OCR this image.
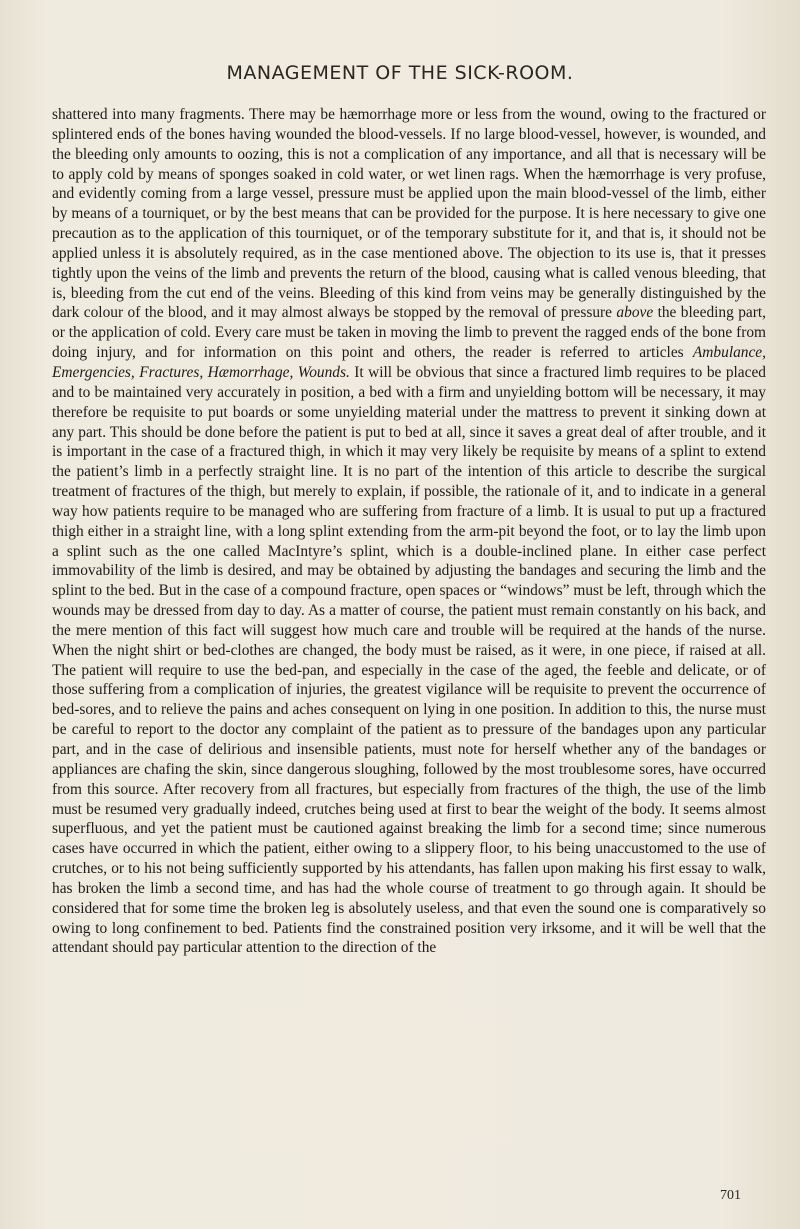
MANAGEMENT OF THE SICK-ROOM.

shattered into many fragments. There may be hæmorrhage more or less from the wound, owing to the fractured or splintered ends of the bones having wounded the blood-vessels. If no large blood-vessel, however, is wounded, and the bleeding only amounts to oozing, this is not a complication of any importance, and all that is necessary will be to apply cold by means of sponges soaked in cold water, or wet linen rags. When the hæmorrhage is very profuse, and evidently coming from a large vessel, pressure must be applied upon the main blood-vessel of the limb, either by means of a tourniquet, or by the best means that can be provided for the purpose. It is here necessary to give one precaution as to the application of this tourniquet, or of the temporary substitute for it, and that is, it should not be applied unless it is absolutely required, as in the case mentioned above. The objection to its use is, that it presses tightly upon the veins of the limb and prevents the return of the blood, causing what is called venous bleeding, that is, bleeding from the cut end of the veins. Bleeding of this kind from veins may be generally distinguished by the dark colour of the blood, and it may almost always be stopped by the removal of pressure above the bleeding part, or the application of cold. Every care must be taken in moving the limb to prevent the ragged ends of the bone from doing injury, and for information on this point and others, the reader is referred to articles Ambulance, Emergencies, Fractures, Hæmorrhage, Wounds. It will be obvious that since a fractured limb requires to be placed and to be maintained very accurately in position, a bed with a firm and unyielding bottom will be necessary, it may therefore be requisite to put boards or some unyielding material under the mattress to prevent it sinking down at any part. This should be done before the patient is put to bed at all, since it saves a great deal of after trouble, and it is important in the case of a fractured thigh, in which it may very likely be requisite by means of a splint to extend the patient’s limb in a perfectly straight line. It is no part of the intention of this article to describe the surgical treatment of fractures of the thigh, but merely to explain, if possible, the rationale of it, and to indicate in a general way how patients require to be managed who are suffering from fracture of a limb. It is usual to put up a fractured thigh either in a straight line, with a long splint extending from the arm-pit beyond the foot, or to lay the limb upon a splint such as the one called MacIntyre’s splint, which is a double-inclined plane. In either case perfect immovability of the limb is desired, and may be obtained by adjusting the bandages and securing the limb and the splint to the bed. But in the case of a compound fracture, open spaces or “windows” must be left, through which the wounds may be dressed from day to day. As a matter of course, the patient must remain constantly on his back, and the mere mention of this fact will suggest how much care and trouble will be required at the hands of the nurse. When the night shirt or bed-clothes are changed, the body must be raised, as it were, in one piece, if raised at all. The patient will require to use the bed-pan, and especially in the case of the aged, the feeble and delicate, or of those suffering from a complication of injuries, the greatest vigilance will be requisite to prevent the occurrence of bed-sores, and to relieve the pains and aches consequent on lying in one position. In addition to this, the nurse must be careful to report to the doctor any complaint of the patient as to pressure of the bandages upon any particular part, and in the case of delirious and insensible patients, must note for herself whether any of the bandages or appliances are chafing the skin, since dangerous sloughing, followed by the most troublesome sores, have occurred from this source. After recovery from all fractures, but especially from fractures of the thigh, the use of the limb must be resumed very gradually indeed, crutches being used at first to bear the weight of the body. It seems almost superfluous, and yet the patient must be cautioned against breaking the limb for a second time; since numerous cases have occurred in which the patient, either owing to a slippery floor, to his being unaccustomed to the use of crutches, or to his not being sufficiently supported by his attendants, has fallen upon making his first essay to walk, has broken the limb a second time, and has had the whole course of treatment to go through again. It should be considered that for some time the broken leg is absolutely useless, and that even the sound one is comparatively so owing to long confinement to bed. Patients find the constrained position very irksome, and it will be well that the attendant should pay particular attention to the direction of the

701
